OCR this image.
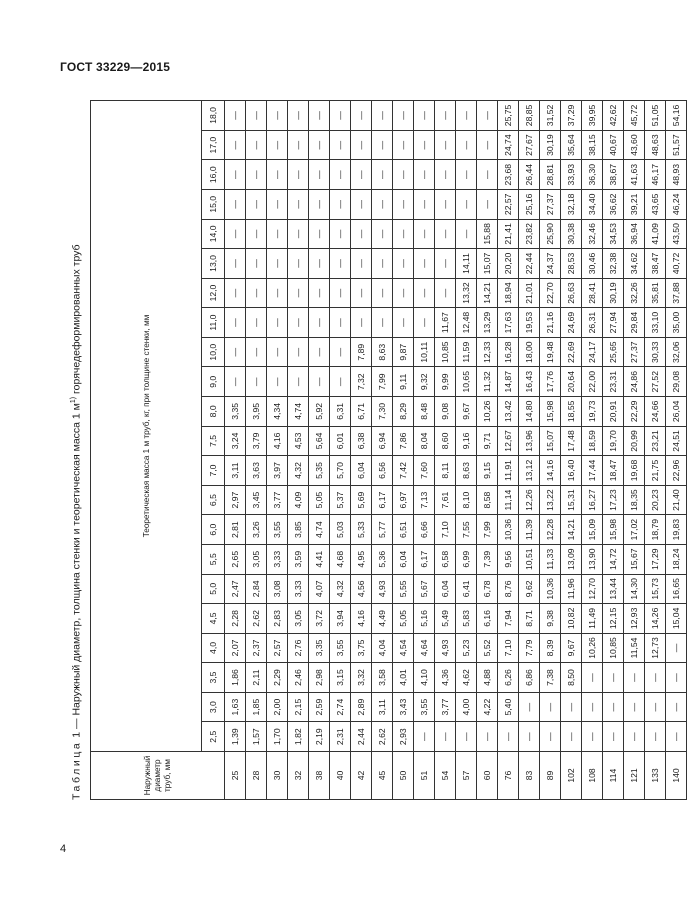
ГОСТ 33229—2015
Таблица 1 — Наружный диаметр, толщина стенки и теоретическая масса 1 $м^{1)}$ горячедеформированных труб
Наружный диаметр труб, мм	Теоретическая масса 1 м труб, кг, при толщине стенки, мм																					
	2,5	3,0	3,5	4,0	4,5	5,0	5,5	6,0	6,5	7,0	7,5	8,0	9,0	10,0	11,0	12,0	13,0	14,0	15,0	16,0	17,0	18,0
25	1,39	1,63	1,86	2,07	2,28	2,47	2,65	2,81	2,97	3,11	3,24	3,35	—	—	—	—	—	—	—	—	—	—
28	1,57	1,85	2,11	2,37	2,62	2,84	3,05	3,26	3,45	3,63	3,79	3,95	—	—	—	—	—	—	—	—	—	—
30	1,70	2,00	2,29	2,57	2,83	3,08	3,33	3,55	3,77	3,97	4,16	4,34	—	—	—	—	—	—	—	—	—	—
32	1,82	2,15	2,46	2,76	3,05	3,33	3,59	3,85	4,09	4,32	4,53	4,74	—	—	—	—	—	—	—	—	—	—
38	2,19	2,59	2,98	3,35	3,72	4,07	4,41	4,74	5,05	5,35	5,64	5,92	—	—	—	—	—	—	—	—	—	—
40	2,31	2,74	3,15	3,55	3,94	4,32	4,68	5,03	5,37	5,70	6,01	6,31	—	—	—	—	—	—	—	—	—	—
42	2,44	2,89	3,32	3,75	4,16	4,56	4,95	5,33	5,69	6,04	6,38	6,71	7,32	7,89	—	—	—	—	—	—	—	—
45	2,62	3,11	3,58	4,04	4,49	4,93	5,36	5,77	6,17	6,56	6,94	7,30	7,99	8,63	—	—	—	—	—	—	—	—
50	2,93	3,43	4,01	4,54	5,05	5,55	6,04	6,51	6,97	7,42	7,86	8,29	9,11	9,87	—	—	—	—	—	—	—	—
51	—	3,55	4,10	4,64	5,16	5,67	6,17	6,66	7,13	7,60	8,04	8,48	9,32	10,11	—	—	—	—	—	—	—	—
54	—	3,77	4,36	4,93	5,49	6,04	6,58	7,10	7,61	8,11	8,60	9,08	9,99	10,85	11,67	—	—	—	—	—	—	—
57	—	4,00	4,62	5,23	5,83	6,41	6,99	7,55	8,10	8,63	9,16	9,67	10,65	11,59	12,48	13,32	14,11	—	—	—	—	—
60	—	4,22	4,88	5,52	6,16	6,78	7,39	7,99	8,58	9,15	9,71	10,26	11,32	12,33	13,29	14,21	15,07	15,88	—	—	—	—
76	—	5,40	6,26	7,10	7,94	8,76	9,56	10,36	11,14	11,91	12,67	13,42	14,87	16,28	17,63	18,94	20,20	21,41	22,57	23,68	24,74	25,75
83	—	—	6,86	7,79	8,71	9,62	10,51	11,39	12,26	13,12	13,96	14,80	16,43	18,00	19,53	21,01	22,44	23,82	25,16	26,44	27,67	28,85
89	—	—	7,38	8,39	9,38	10,36	11,33	12,28	13,22	14,16	15,07	15,98	17,76	19,48	21,16	22,70	24,37	25,90	27,37	28,81	30,19	31,52
102	—	—	8,50	9,67	10,82	11,96	13,09	14,21	15,31	16,40	17,48	18,55	20,64	22,69	24,69	26,63	28,53	30,38	32,18	33,93	35,64	37,29
108	—	—	—	10,26	11,49	12,70	13,90	15,09	16,27	17,44	18,59	19,73	22,00	24,17	26,31	28,41	30,46	32,46	34,40	36,30	38,15	39,95
114	—	—	—	10,85	12,15	13,44	14,72	15,98	17,23	18,47	19,70	20,91	23,31	25,65	27,94	30,19	32,38	34,53	36,62	38,67	40,67	42,62
121	—	—	—	11,54	12,93	14,30	15,67	17,02	18,35	19,68	20,99	22,29	24,86	27,37	29,84	32,26	34,62	36,94	39,21	41,63	43,60	45,72
133	—	—	—	12,73	14,26	15,73	17,29	18,79	20,23	21,75	23,21	24,66	27,52	30,33	33,10	35,81	38,47	41,09	43,65	46,17	48,63	51,05
140	—	—	—	—	15,04	16,65	18,24	19,83	21,40	22,96	24,51	26,04	29,08	32,06	35,00	37,88	40,72	43,50	46,24	48,93	51,57	54,16
4
